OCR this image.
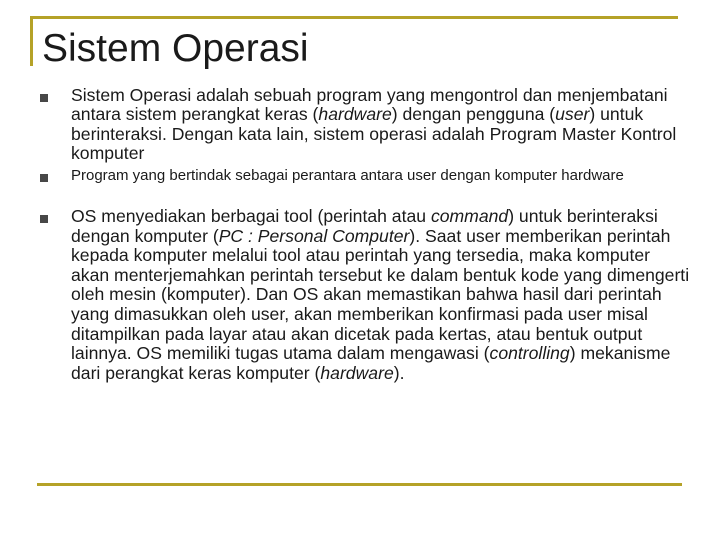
Sistem Operasi
Sistem Operasi adalah sebuah program yang mengontrol dan menjembatani antara sistem perangkat keras (hardware) dengan pengguna (user) untuk berinteraksi. Dengan kata lain, sistem operasi adalah Program Master Kontrol komputer
Program yang bertindak sebagai perantara antara user dengan komputer hardware
OS menyediakan berbagai tool (perintah atau command) untuk berinteraksi dengan komputer (PC : Personal Computer). Saat user memberikan perintah kepada komputer melalui tool atau perintah yang tersedia, maka komputer akan menterjemahkan perintah tersebut ke dalam bentuk kode yang dimengerti oleh mesin (komputer). Dan OS akan memastikan bahwa hasil dari perintah yang dimasukkan oleh user, akan memberikan konfirmasi pada user misal ditampilkan pada layar atau akan dicetak pada kertas, atau bentuk output lainnya. OS memiliki tugas utama dalam mengawasi (controlling) mekanisme dari perangkat keras komputer (hardware).
